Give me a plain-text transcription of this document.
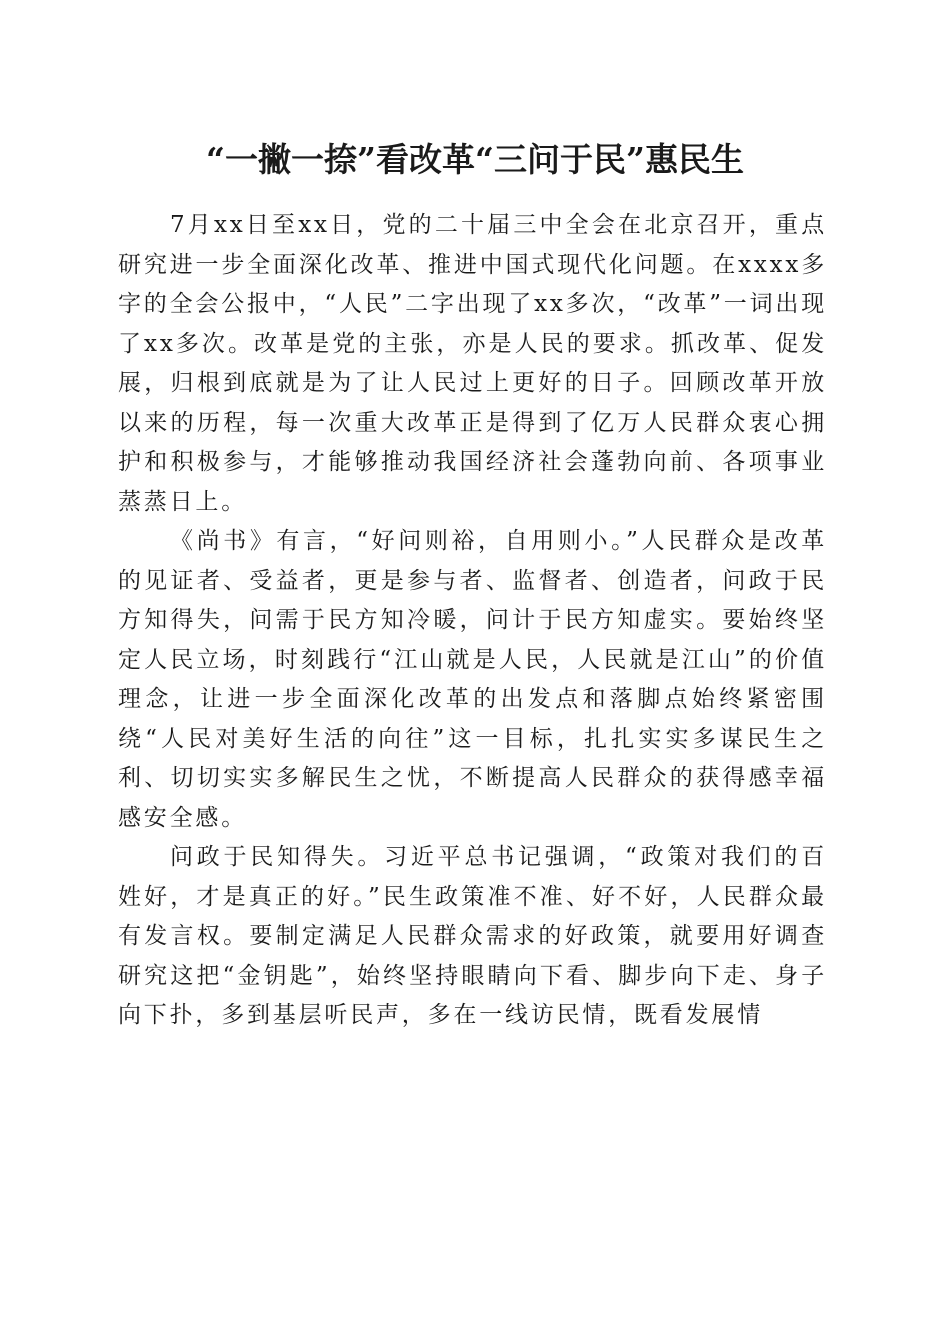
“一撇一捺”看改革“三问于民”惠民生

7月xx日至xx日，党的二十届三中全会在北京召开，重点研究进一步全面深化改革、推进中国式现代化问题。在xxxx多字的全会公报中，“人民”二字出现了xx多次，“改革”一词出现了xx多次。改革是党的主张，亦是人民的要求。抓改革、促发展，归根到底就是为了让人民过上更好的日子。回顾改革开放以来的历程，每一次重大改革正是得到了亿万人民群众衷心拥护和积极参与，才能够推动我国经济社会蓬勃向前、各项事业蒸蒸日上。

《尚书》有言，“好问则裕，自用则小。”人民群众是改革的见证者、受益者，更是参与者、监督者、创造者，问政于民方知得失，问需于民方知冷暖，问计于民方知虚实。要始终坚定人民立场，时刻践行“江山就是人民，人民就是江山”的价值理念，让进一步全面深化改革的出发点和落脚点始终紧密围绕“人民对美好生活的向往”这一目标，扎扎实实多谋民生之利、切切实实多解民生之忧，不断提高人民群众的获得感幸福感安全感。

问政于民知得失。习近平总书记强调，“政策对我们的百姓好，才是真正的好。”民生政策准不准、好不好，人民群众最有发言权。要制定满足人民群众需求的好政策，就要用好调查研究这把“金钥匙”，始终坚持眼睛向下看、脚步向下走、身子向下扑，多到基层听民声，多在一线访民情，既看发展情
